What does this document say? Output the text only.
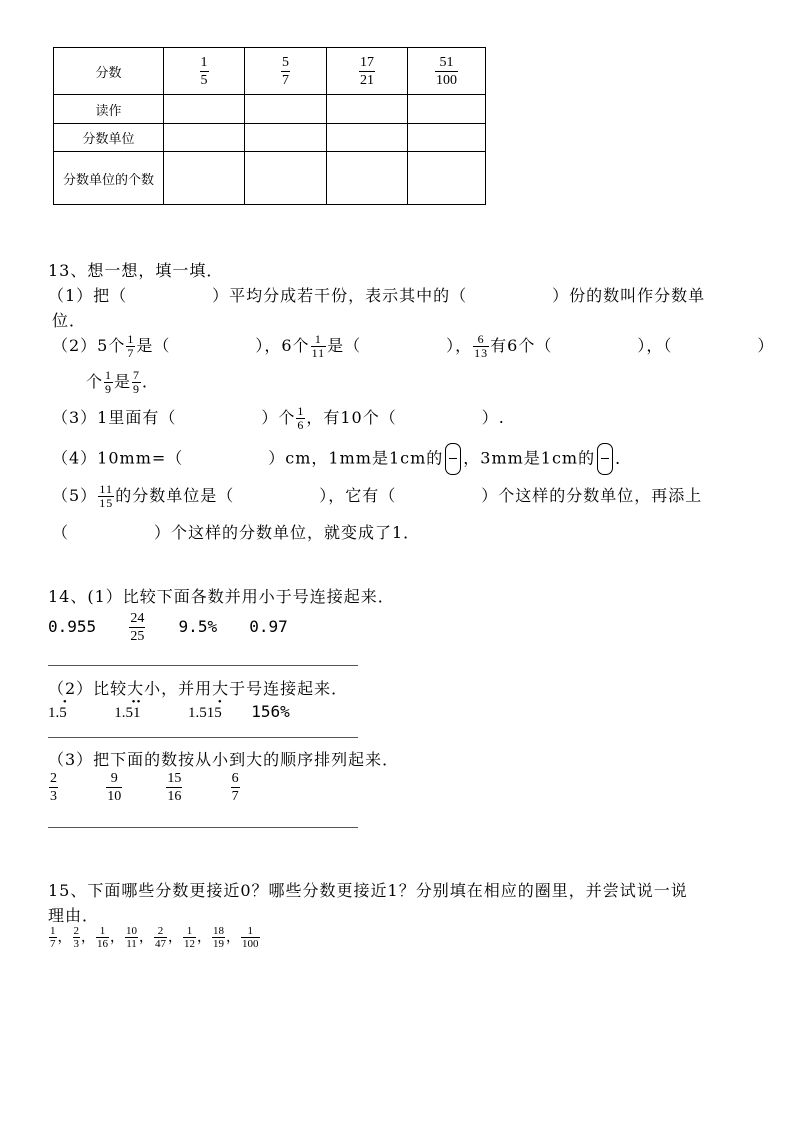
分数	$\frac{1}{5}$	$\frac{5}{7}$	$\frac{17}{21}$	$\frac{51}{100}$

读作				
分数单位				
分数单位的个数				
13、想一想，填一填．
（1）把（　　　　　）平均分成若干份，表示其中的（　　　　　）份的数叫作分数单
位．
（2）5个 $\frac{1}{7}$ 是（　　　　　），6个 $\frac{1}{11}$ 是（　　　　　）， $\frac{6}{13}$ 有6个（　　　　　），（　　　　　）
个 $\frac{1}{9}$ 是 $\frac{7}{9}$ ．
（3）1里面有（　　　　　）个 $\frac{1}{6}$ ，有10个（　　　　　）.
（4）10mm=（　　　　　）cm，1mm是1cm的 ，3mm是1cm的 ．
$(5) \frac{11}{15}$ 的分数单位是（　　　　　），它有（　　　　　）个这样的分数单位，再添上
（　　　　　）个这样的分数单位，就变成了1．
14、(1）比较下面各数并用小于号连接起来．
$0.955 \frac{24}{25} 9.5\%$ 0.97
（2）比较大小，并用大于号连接起来．
1.5
•
1.51
• •
1.515
• 156%
（3）把下面的数按从小到大的顺序排列起来．
$\frac{2}{3}$
	$\frac{9}{10}$
	$\frac{15}{16}$
	$\frac{6}{7}$
15、下面哪些分数更接近0？哪些分数更接近1？分别填在相应的圈里，并尝试说一说
理由．
$\frac{1}{7}$ ， $\frac{2}{3}$ ， $\frac{1}{16}$ ， $\frac{10}{11}$ ， $\frac{2}{47}$ ， $\frac{1}{12}$ ， $\frac{18}{19}$ ， $\frac{1}{100}$
